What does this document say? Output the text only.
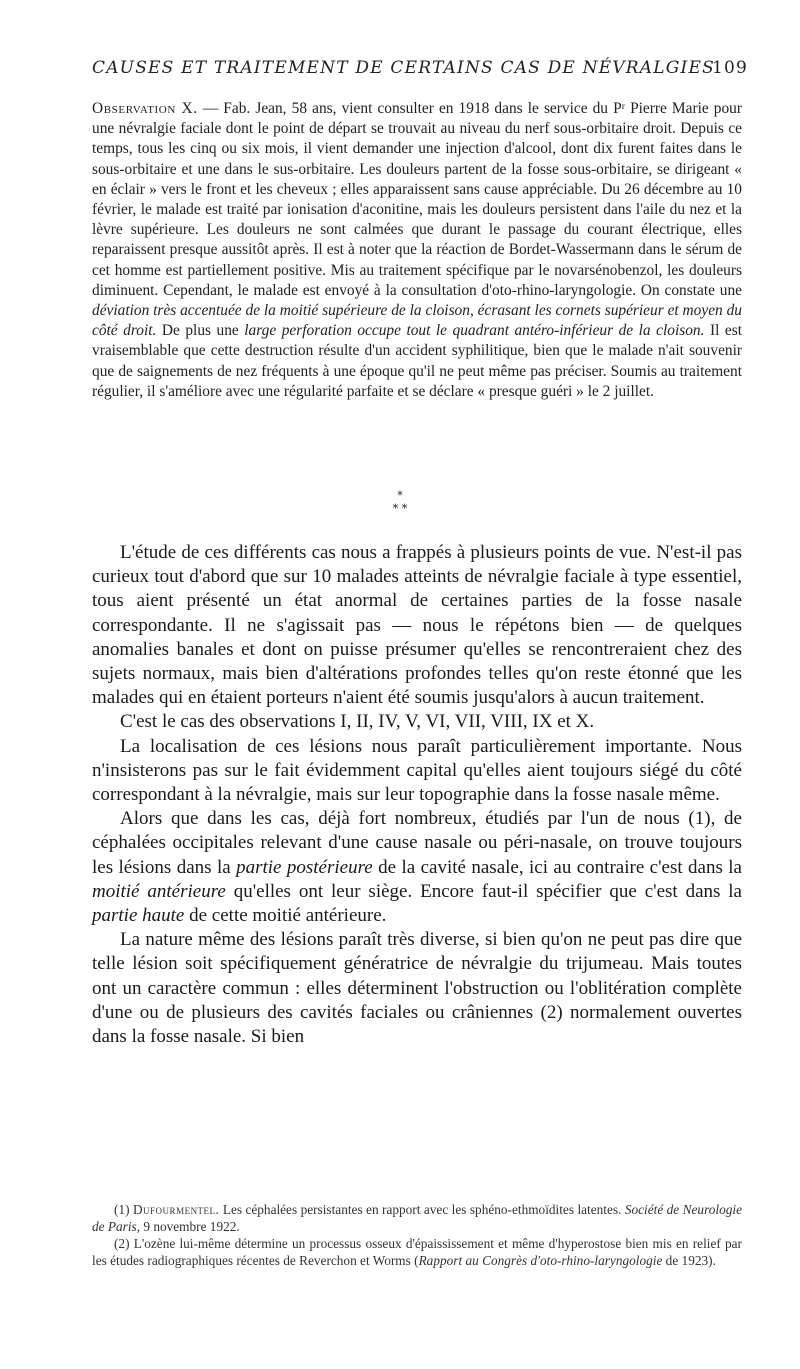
CAUSES ET TRAITEMENT DE CERTAINS CAS DE NÉVRALGIES
109
Observation X. — Fab. Jean, 58 ans, vient consulter en 1918 dans le service du Pʳ Pierre Marie pour une névralgie faciale dont le point de départ se trouvait au niveau du nerf sous-orbitaire droit. Depuis ce temps, tous les cinq ou six mois, il vient demander une injection d'alcool, dont dix furent faites dans le sous-orbitaire et une dans le sus-orbitaire. Les douleurs partent de la fosse sous-orbitaire, se dirigeant « en éclair » vers le front et les cheveux ; elles apparaissent sans cause appréciable. Du 26 décembre au 10 février, le malade est traité par ionisation d'aconitine, mais les douleurs persistent dans l'aile du nez et la lèvre supérieure. Les douleurs ne sont calmées que durant le passage du courant électrique, elles reparaissent presque aussitôt après. Il est à noter que la réaction de Bordet-Wassermann dans le sérum de cet homme est partiellement positive. Mis au traitement spécifique par le novarsénobenzol, les douleurs diminuent. Cependant, le malade est envoyé à la consultation d'oto-rhino-laryngologie. On constate une déviation très accentuée de la moitié supérieure de la cloison, écrasant les cornets supérieur et moyen du côté droit. De plus une large perforation occupe tout le quadrant antéro-inférieur de la cloison. Il est vraisemblable que cette destruction résulte d'un accident syphilitique, bien que le malade n'ait souvenir que de saignements de nez fréquents à une époque qu'il ne peut même pas préciser. Soumis au traitement régulier, il s'améliore avec une régularité parfaite et se déclare « presque guéri » le 2 juillet.
*
* *

L'étude de ces différents cas nous a frappés à plusieurs points de vue. N'est-il pas curieux tout d'abord que sur 10 malades atteints de névralgie faciale à type essentiel, tous aient présenté un état anormal de certaines parties de la fosse nasale correspondante. Il ne s'agissait pas — nous le répétons bien — de quelques anomalies banales et dont on puisse présumer qu'elles se rencontreraient chez des sujets normaux, mais bien d'altérations profondes telles qu'on reste étonné que les malades qui en étaient porteurs n'aient été soumis jusqu'alors à aucun traitement.

C'est le cas des observations I, II, IV, V, VI, VII, VIII, IX et X.

La localisation de ces lésions nous paraît particulièrement importante. Nous n'insisterons pas sur le fait évidemment capital qu'elles aient toujours siégé du côté correspondant à la névralgie, mais sur leur topographie dans la fosse nasale même.

Alors que dans les cas, déjà fort nombreux, étudiés par l'un de nous (1), de céphalées occipitales relevant d'une cause nasale ou péri-nasale, on trouve toujours les lésions dans la partie postérieure de la cavité nasale, ici au contraire c'est dans la moitié antérieure qu'elles ont leur siège. Encore faut-il spécifier que c'est dans la partie haute de cette moitié antérieure.

La nature même des lésions paraît très diverse, si bien qu'on ne peut pas dire que telle lésion soit spécifiquement génératrice de névralgie du trijumeau. Mais toutes ont un caractère commun : elles déterminent l'obstruction ou l'oblitération complète d'une ou de plusieurs des cavités faciales ou crâniennes (2) normalement ouvertes dans la fosse nasale. Si bien

(1) Dufourmentel. Les céphalées persistantes en rapport avec les sphéno-ethmoïdites latentes. Société de Neurologie de Paris, 9 novembre 1922.

(2) L'ozène lui-même détermine un processus osseux d'épaississement et même d'hyperostose bien mis en relief par les études radiographiques récentes de Reverchon et Worms (Rapport au Congrès d'oto-rhino-laryngologie de 1923).
